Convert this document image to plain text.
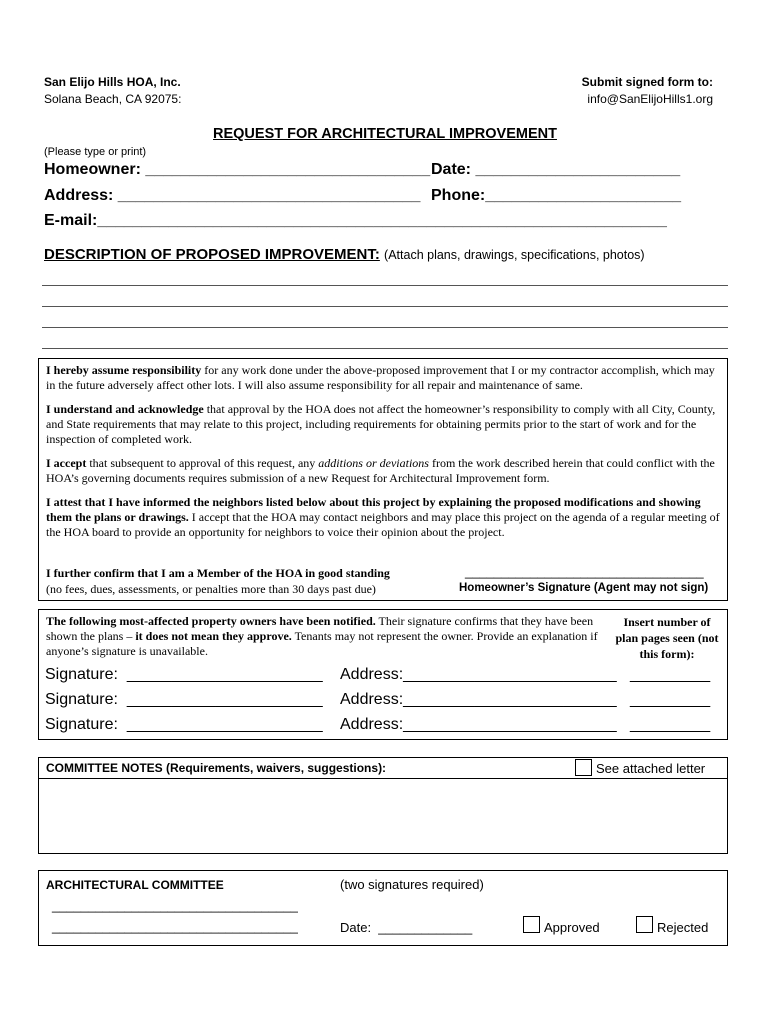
San Elijo Hills HOA, Inc.
Solana Beach, CA 92075:
Submit signed form to:
info@SanElijoHills1.org
REQUEST FOR ARCHITECTURAL IMPROVEMENT
(Please type or print)
Homeowner: ________________________________ Date: _______________________
Address: __________________________________ Phone:______________________
E-mail:________________________________________________________________
DESCRIPTION OF PROPOSED IMPROVEMENT: (Attach plans, drawings, specifications, photos)

I hereby assume responsibility for any work done under the above-proposed improvement that I or my contractor accomplish, which may in the future adversely affect other lots. I will also assume responsibility for all repair and maintenance of same.

I understand and acknowledge that approval by the HOA does not affect the homeowner’s responsibility to comply with all City, County, and State requirements that may relate to this project, including requirements for obtaining permits prior to the start of work and for the inspection of completed work.

I accept that subsequent to approval of this request, any additions or deviations from the work described herein that could conflict with the HOA’s governing documents requires submission of a new Request for Architectural Improvement form.

I attest that I have informed the neighbors listed below about this project by explaining the proposed modifications and showing them the plans or drawings. I accept that the HOA may contact neighbors and may place this project on the agenda of a regular meeting of the HOA board to provide an opportunity for neighbors to voice their opinion about the project.

I further confirm that I am a Member of the HOA in good standing
(no fees, dues, assessments, or penalties more than 30 days past due)
_________________________________
Homeowner’s Signature (Agent may not sign)

The following most-affected property owners have been notified. Their signature confirms that they have been shown the plans – it does not mean they approve. Tenants may not represent the owner. Provide an explanation if anyone’s signature is unavailable.

Insert number of plan pages seen (not this form):
Signature:  ______________________ Address:________________________ _________
Signature:  ______________________ Address:________________________ _________
Signature:  ______________________ Address:________________________ _________
COMMITTEE NOTES (Requirements, waivers, suggestions):	See attached letter
ARCHITECTURAL COMMITTEE	(two signatures required)
__________________________________
__________________________________	Date:  _____________	Approved	Rejected
